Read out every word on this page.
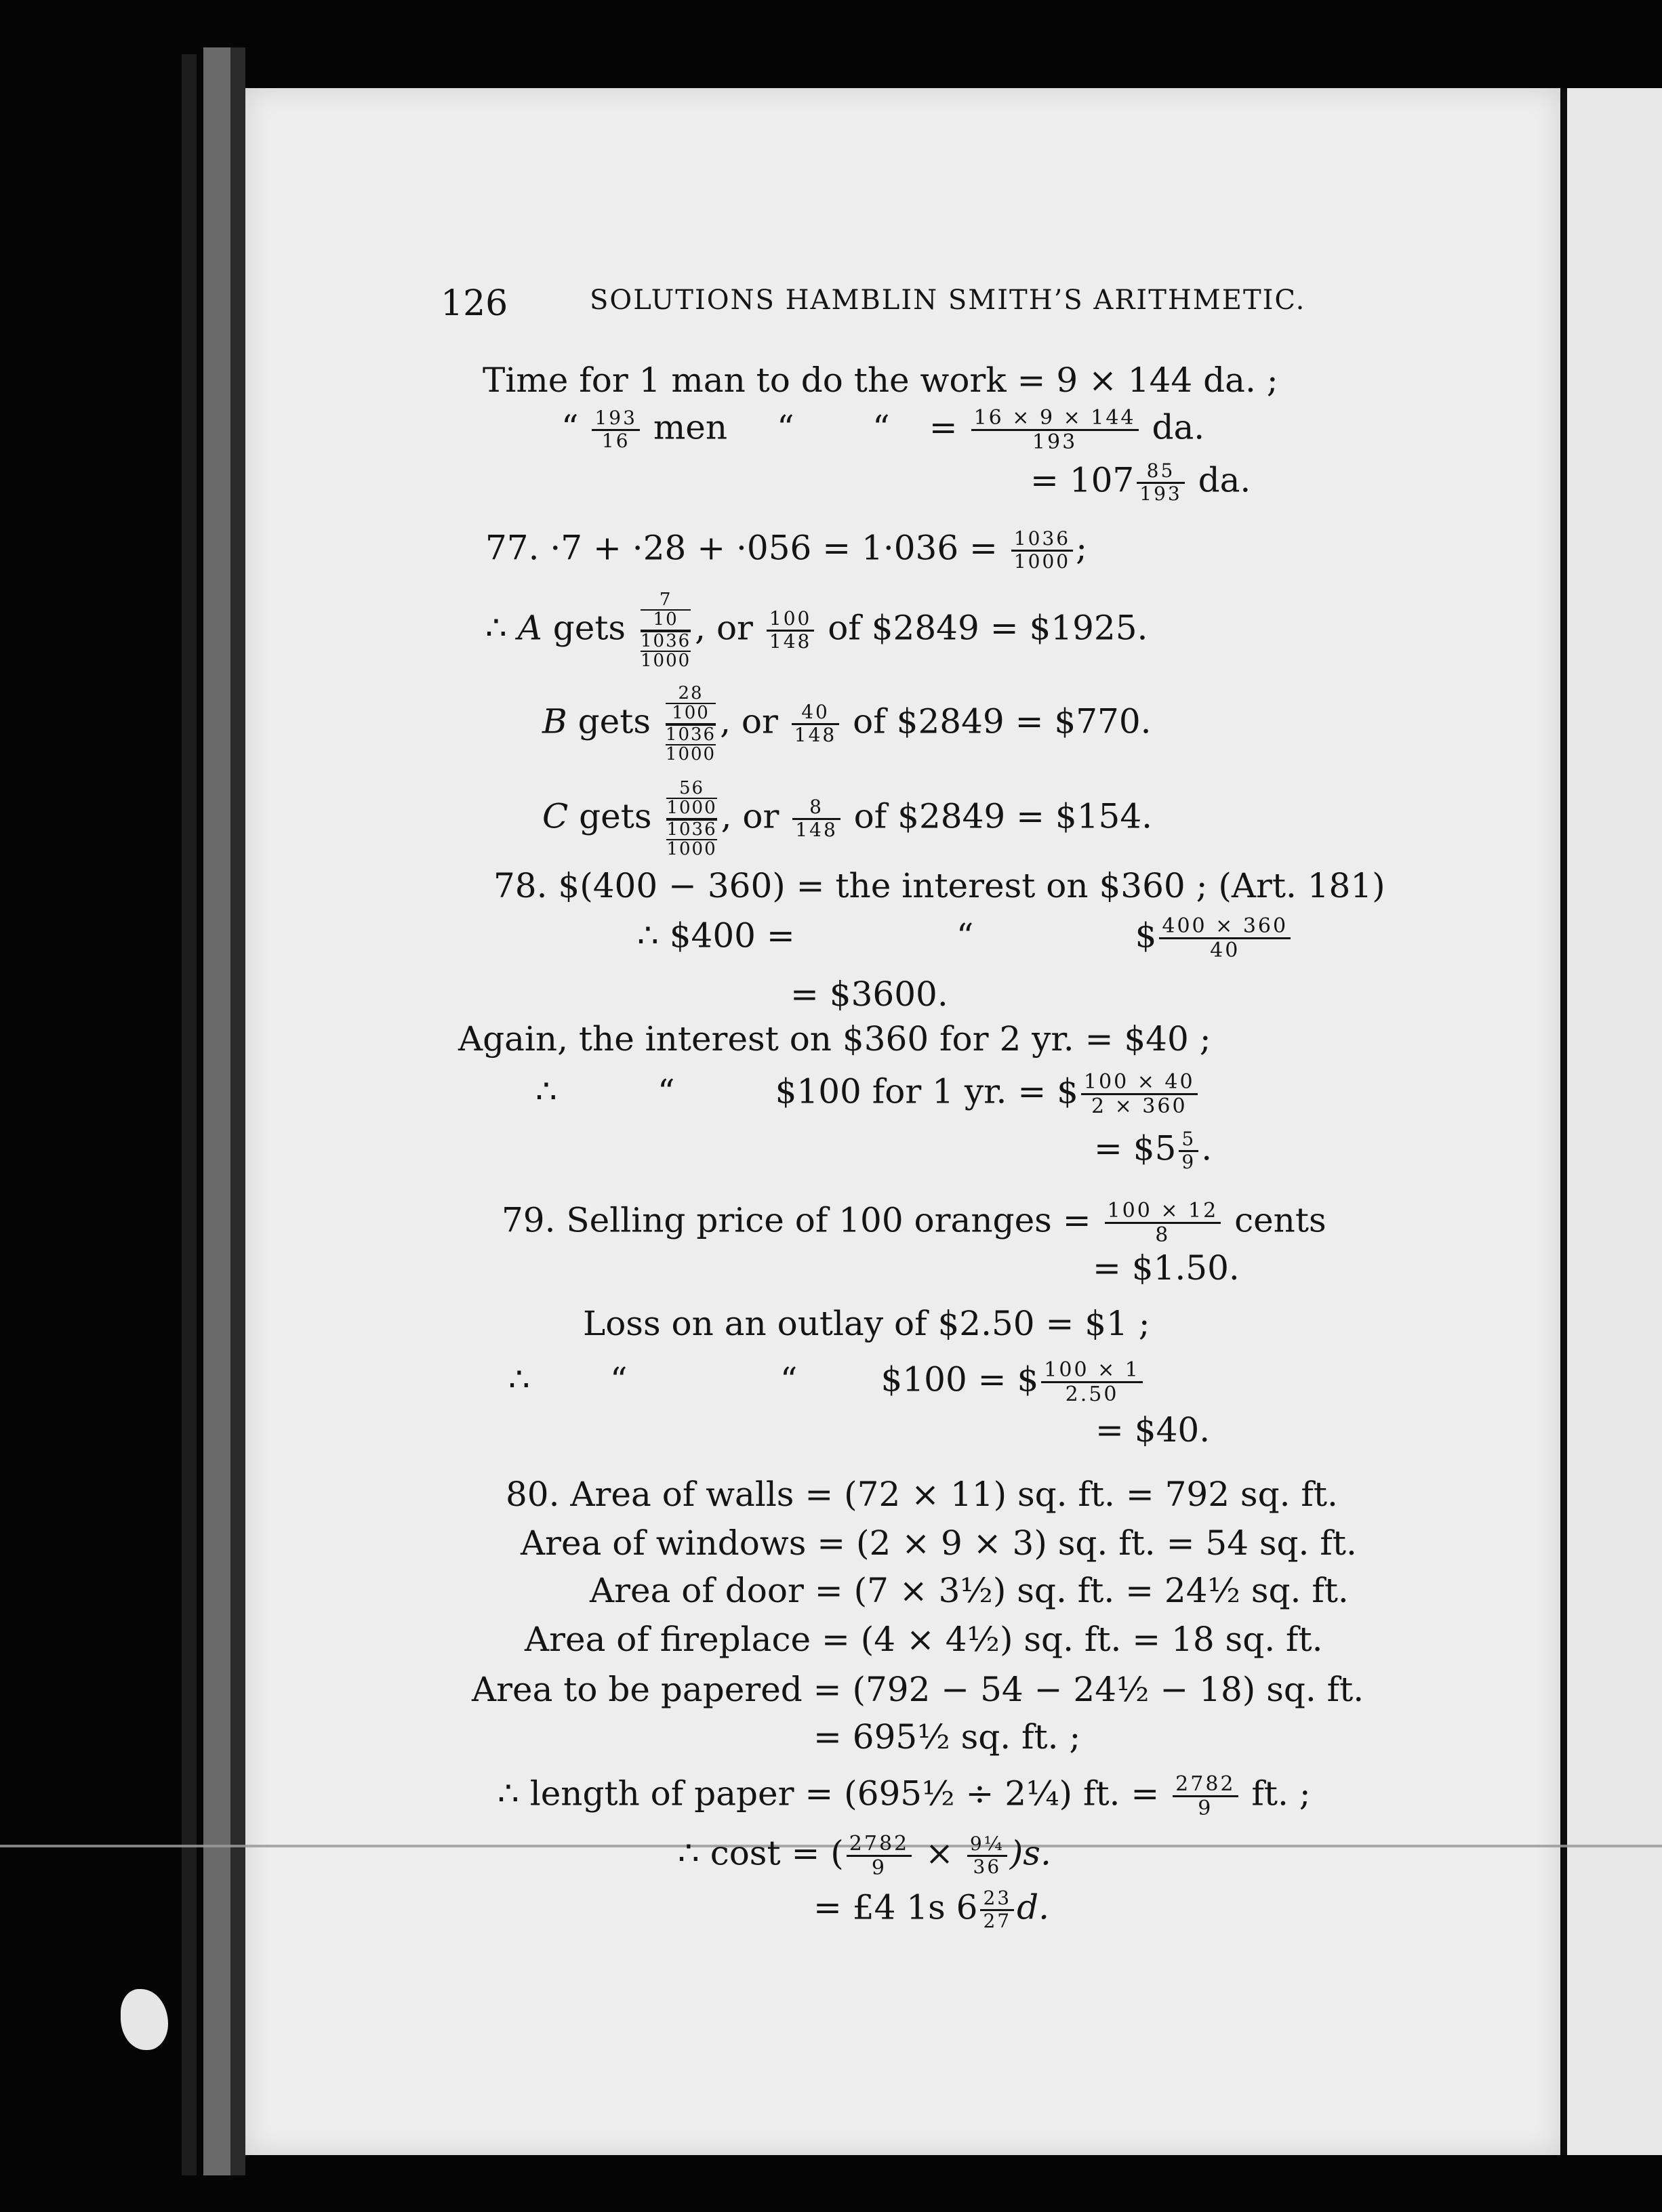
126	SOLUTIONS HAMBLIN SMITH’S ARITHMETIC.
Time for 1 man to do the work = 9 × 144 da. ;
“ $\frac{193}{16}$ men “ “ = $\frac{16 \times 9 \times 144}{193}$ da.
= $107 \frac{85}{193}$ da.
77. $\cdot 7 + \cdot 28 + \cdot 056 = 1\cdot 036 = \frac{1036}{1000}$ ;
∴ A gets
7
10
1036
1000
, or $\frac{100}{148}$ of $2849 = $1925.
B gets
28
100
1036
1000
, or $\frac{40}{148}$ of $2849 = $770.
C gets
56
1000
1036
1000
, or $\frac{8}{148}$ of $2849 = $154.
78. $(400 − 360) = the interest on $360 ; (Art. 181)
∴ $400 =	“	$ $\frac{400 \times 360}{40}$
= $3600.
Again, the interest on $360 for 2 yr. = $40 ;
∴	“	$100 for 1 yr. = $ $\frac{100 \times 40}{2 \times 360}$
= $5 $\frac{5}{9}$ .
79. Selling price of 100 oranges = $\frac{100 \times 12}{8}$ cents
= $1.50.
Loss on an outlay of $2.50 = $1 ;
∴ “	“ $100 = $ $\frac{100 \times 1}{2.50}$
= $40.
80. Area of walls = (72 × 11) sq. ft. = 792 sq. ft.
Area of windows = (2 × 9 × 3) sq. ft. = 54 sq. ft.
Area of door = (7 × 3½) sq. ft. = 24½ sq. ft.
Area of fireplace = (4 × 4½) sq. ft. = 18 sq. ft.
Area to be papered = (792 − 54 − 24½ − 18) sq. ft.
= 695½ sq. ft. ;
∴ length of paper = (695½ ÷ 2¼) ft. = $\frac{2782}{9}$ ft. ;
∴ cost = ( $\frac{2782}{9} \times \frac{\text{9¼}}{36} )s$.
= £4 1s $6 \frac{23}{27} d$.
